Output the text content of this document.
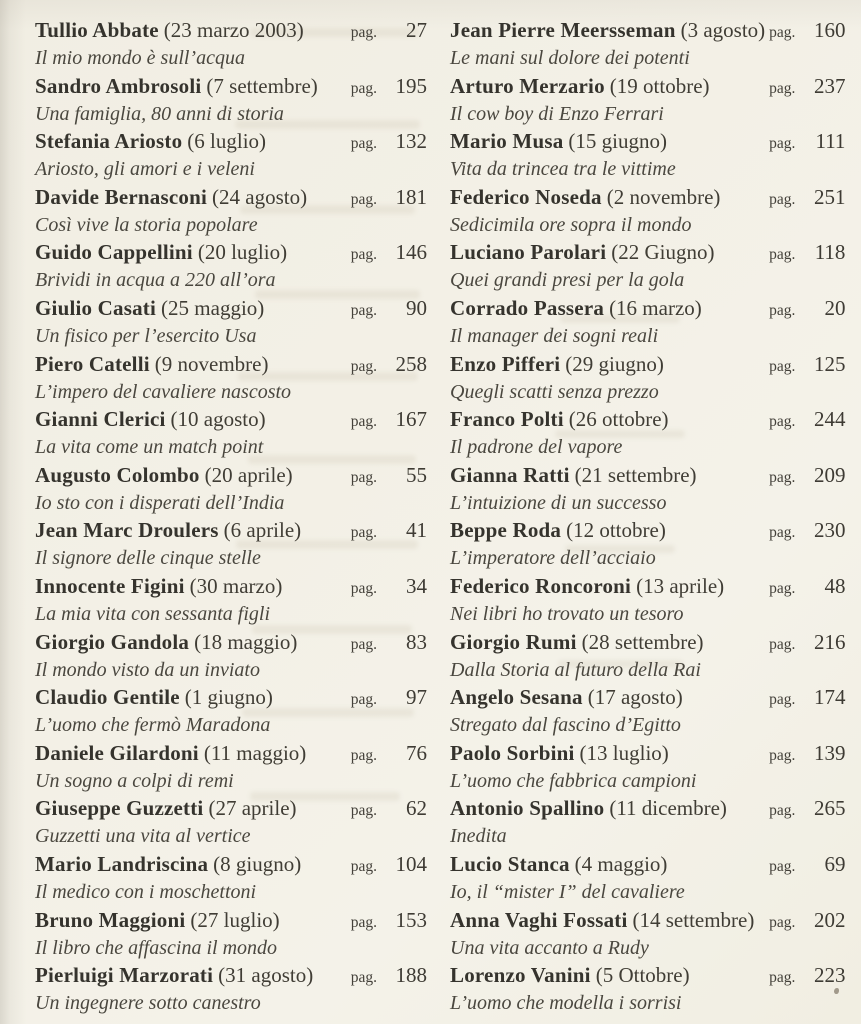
Tullio Abbate (23 marzo 2003)	pag.	27
Il mio mondo è sull’acqua
Sandro Ambrosoli (7 settembre) pag. 195
Una famiglia, 80 anni di storia
Stefania Ariosto (6 luglio)	pag. 132
Ariosto, gli amori e i veleni
Davide Bernasconi (24 agosto)	pag. 181
Così vive la storia popolare
Guido Cappellini (20 luglio)	pag. 146
Brividi in acqua a 220 all’ora
Giulio Casati (25 maggio)	pag.	90
Un fisico per l’esercito Usa
Piero Catelli (9 novembre)	pag. 258
L’impero del cavaliere nascosto
Gianni Clerici (10 agosto)	pag. 167
La vita come un match point
Augusto Colombo (20 aprile)	pag.	55
Io sto con i disperati dell’India
Jean Marc Droulers (6 aprile)	pag.	41
Il signore delle cinque stelle
Innocente Figini (30 marzo)	pag.	34
La mia vita con sessanta figli
Giorgio Gandola (18 maggio)	pag.	83
Il mondo visto da un inviato
Claudio Gentile (1 giugno)	pag.	97
L’uomo che fermò Maradona
Daniele Gilardoni (11 maggio)	pag.	76
Un sogno a colpi di remi
Giuseppe Guzzetti (27 aprile)	pag.	62
Guzzetti una vita al vertice
Mario Landriscina (8 giugno)	pag. 104
Il medico con i moschettoni
Bruno Maggioni (27 luglio)	pag. 153
Il libro che affascina il mondo
Pierluigi Marzorati (31 agosto) pag. 188
Un ingegnere sotto canestro
Jean Pierre Meersseman (3 agosto) pag. 160
Le mani sul dolore dei potenti
Arturo Merzario (19 ottobre)	pag. 237
Il cow boy di Enzo Ferrari
Mario Musa (15 giugno)	pag. 111
Vita da trincea tra le vittime
Federico Noseda (2 novembre)	pag. 251
Sedicimila ore sopra il mondo
Luciano Parolari (22 Giugno)	pag. 118
Quei grandi presi per la gola
Corrado Passera (16 marzo)	pag.	20
Il manager dei sogni reali
Enzo Pifferi (29 giugno)	pag. 125
Quegli scatti senza prezzo
Franco Polti (26 ottobre)	pag. 244
Il padrone del vapore
Gianna Ratti (21 settembre)	pag. 209
L’intuizione di un successo
Beppe Roda (12 ottobre)	pag. 230
L’imperatore dell’acciaio
Federico Roncoroni (13 aprile)	pag.	48
Nei libri ho trovato un tesoro
Giorgio Rumi (28 settembre)	pag. 216
Dalla Storia al futuro della Rai
Angelo Sesana (17 agosto)	pag. 174
Stregato dal fascino d’Egitto
Paolo Sorbini (13 luglio)	pag. 139
L’uomo che fabbrica campioni
Antonio Spallino (11 dicembre)	pag. 265
Inedita
Lucio Stanca (4 maggio)	pag.	69
Io, il “mister I” del cavaliere
Anna Vaghi Fossati (14 settembre) pag. 202
Una vita accanto a Rudy
Lorenzo Vanini (5 Ottobre)	pag. 223
L’uomo che modella i sorrisi
